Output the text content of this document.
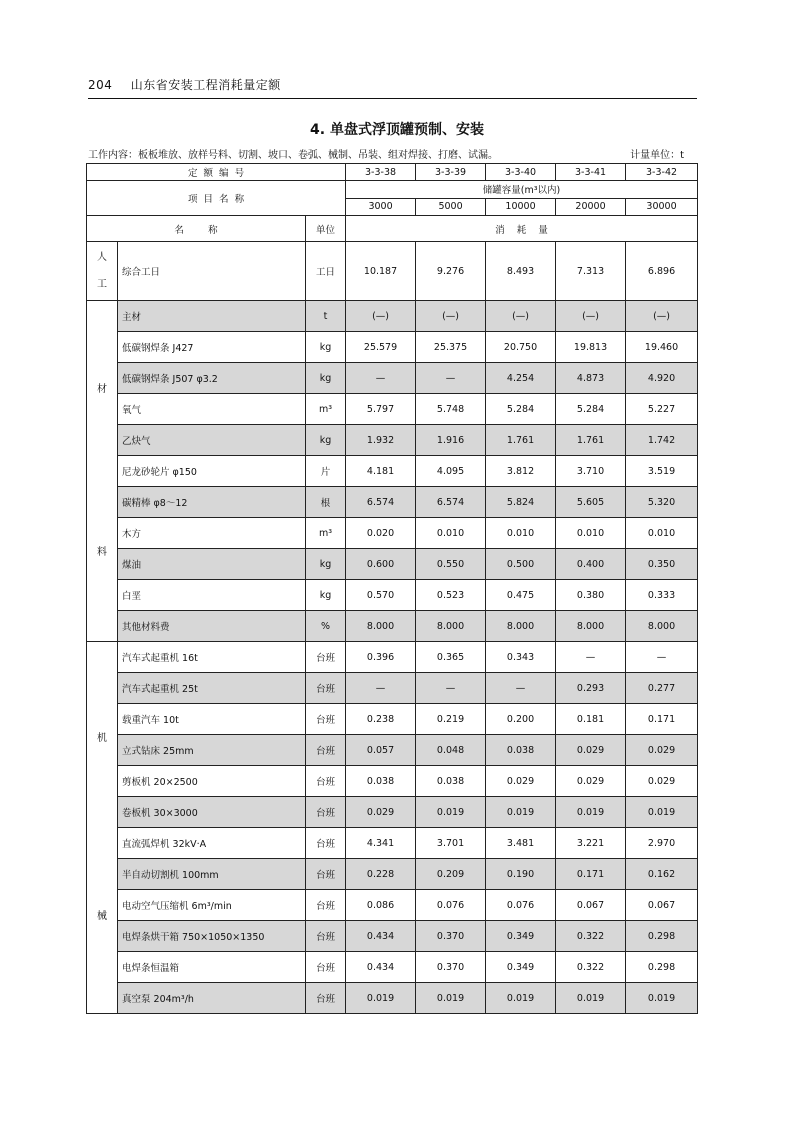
204 山东省安装工程消耗量定额
4. 单盘式浮顶罐预制、安装
工作内容：板板堆放、放样号料、切割、坡口、卷弧、械制、吊装、组对焊接、打磨、试漏。	计量单位：t
定  额  编  号			3-3-38	3-3-39	3-3-40	3-3-41	3-3-42
项  目  名  称			储罐容量(m³以内)				
			3000	5000	10000	20000	30000
名        称		单位	消    耗    量				

人
工	综合工日	工日	10.187	9.276	8.493	7.313	6.896

材
料	主材	t	(—)	(—)	(—)	(—)	(—)
	低碳钢焊条 J427	kg	25.579	25.375	20.750	19.813	19.460
	低碳钢焊条 J507 φ3.2	kg	—	—	4.254	4.873	4.920
	氧气	m³	5.797	5.748	5.284	5.284	5.227
	乙炔气	kg	1.932	1.916	1.761	1.761	1.742
	尼龙砂轮片 φ150	片	4.181	4.095	3.812	3.710	3.519
	碳精棒 φ8～12	根	6.574	6.574	5.824	5.605	5.320
	木方	m³	0.020	0.010	0.010	0.010	0.010
	煤油	kg	0.600	0.550	0.500	0.400	0.350
	白垩	kg	0.570	0.523	0.475	0.380	0.333
	其他材料费	%	8.000	8.000	8.000	8.000	8.000

机
械	汽车式起重机 16t	台班	0.396	0.365	0.343	—	—
	汽车式起重机 25t	台班	—	—	—	0.293	0.277
	载重汽车 10t	台班	0.238	0.219	0.200	0.181	0.171
	立式钻床 25mm	台班	0.057	0.048	0.038	0.029	0.029
	剪板机 20×2500	台班	0.038	0.038	0.029	0.029	0.029
	卷板机 30×3000	台班	0.029	0.019	0.019	0.019	0.019
	直流弧焊机 32kV·A	台班	4.341	3.701	3.481	3.221	2.970
	半自动切割机 100mm	台班	0.228	0.209	0.190	0.171	0.162
	电动空气压缩机 6m³/min	台班	0.086	0.076	0.076	0.067	0.067
	电焊条烘干箱 750×1050×1350	台班	0.434	0.370	0.349	0.322	0.298
	电焊条恒温箱	台班	0.434	0.370	0.349	0.322	0.298
	真空泵 204m³/h	台班	0.019	0.019	0.019	0.019	0.019
